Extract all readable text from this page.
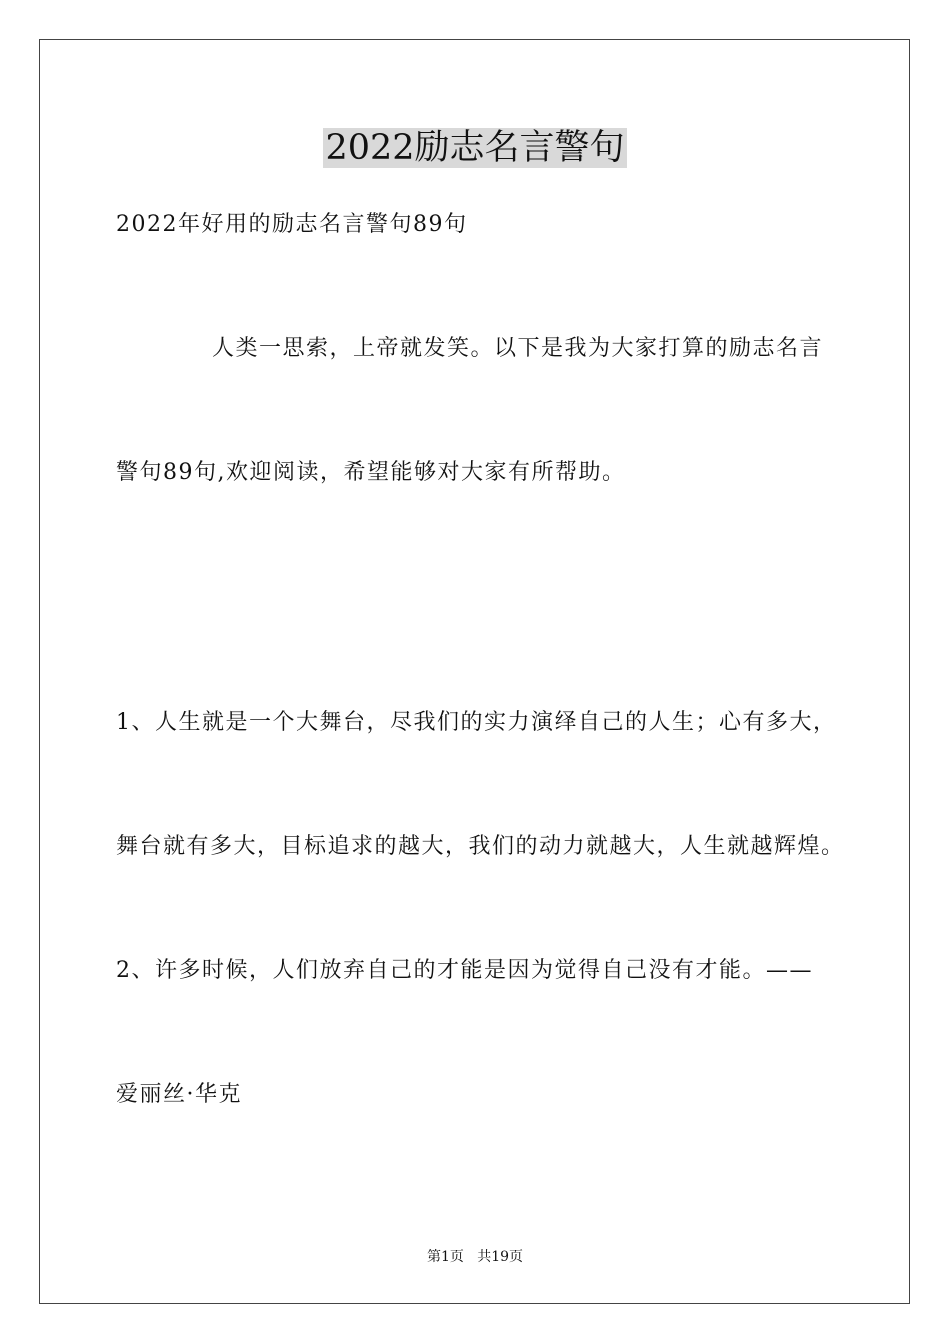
2022励志名言警句
2022年好用的励志名言警句89句
人类一思索，上帝就发笑。以下是我为大家打算的励志名言
警句89句,欢迎阅读，希望能够对大家有所帮助。
1、人生就是一个大舞台，尽我们的实力演绎自己的人生；心有多大，
舞台就有多大，目标追求的越大，我们的动力就越大，人生就越辉煌。
2、许多时候，人们放弃自己的才能是因为觉得自己没有才能。——
爱丽丝·华克
第1页   共19页
